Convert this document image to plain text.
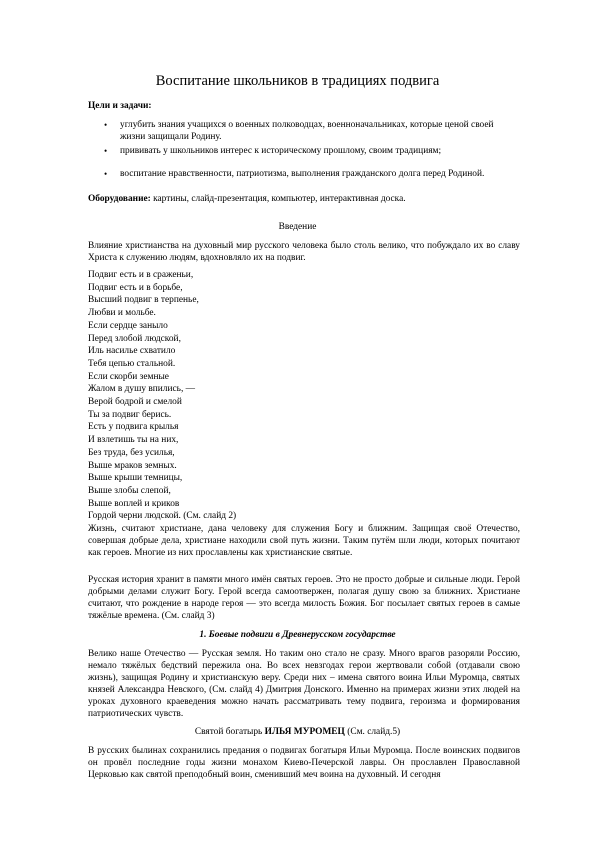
Воспитание школьников в традициях подвига
Цели и задачи:
• углубить знания учащихся о военных полководцах, военноначальниках, которые ценой своей жизни защищали Родину.
• прививать у школьников интерес к историческому прошлому, своим традициям;
• воспитание нравственности, патриотизма, выполнения гражданского долга перед Родиной.
Оборудование: картины, слайд-презентация, компьютер, интерактивная доска.
Введение
Влияние христианства на духовный мир русского человека было столь велико, что побуждало их во славу Христа к служению людям, вдохновляло их на подвиг.
Подвиг есть и в сраженьи,
Подвиг есть и в борьбе,
Высший подвиг в терпенье,
Любви и мольбе.
Если сердце заныло
Перед злобой людской,
Иль насилье схватило
Тебя цепью стальной.
Если скорби земные
Жалом в душу впились, —
Верой бодрой и смелой
Ты за подвиг берись.
Есть у подвига крылья
И взлетишь ты на них,
Без труда, без усилья,
Выше мраков земных.
Выше крыши темницы,
Выше злобы слепой,
Выше воплей и криков
Гордой черни людской. (См. слайд 2)
Жизнь, считают христиане, дана человеку для служения Богу и ближним. Защищая своё Отечество, совершая добрые дела, христиане находили свой путь жизни. Таким путём шли люди, которых почитают как героев. Многие из них прославлены как христианские святые.
Русская история хранит в памяти много имён святых героев. Это не просто добрые и сильные люди. Герой добрыми делами служит Богу. Герой всегда самоотвержен, полагая душу свою за ближних. Христиане считают, что рождение в народе героя — это всегда милость Божия. Бог посылает святых героев в самые тяжёлые времена. (См. слайд 3)
1. Боевые подвиги в Древнерусском государстве
Велико наше Отечество — Русская земля. Но таким оно стало не сразу. Много врагов разоряли Россию, немало тяжёлых бедствий пережила она. Во всех невзгодах герои жертвовали собой (отдавали свою жизнь), защищая Родину и христианскую веру. Среди них – имена святого воина Ильи Муромца, святых князей Александра Невского, (См. слайд 4) Дмитрия Донского. Именно на примерах жизни этих людей на уроках духовного краеведения можно начать рассматривать тему подвига, героизма и формирования патриотических чувств.
Святой богатырь ИЛЬЯ МУРОМЕЦ (См. слайд.5)
В русских былинах сохранились предания о подвигах богатыря Ильи Муромца. После воинских подвигов он провёл последние годы жизни монахом Киево-Печерской лавры. Он прославлен Православной Церковью как святой преподобный воин, сменивший меч воина на духовный. И сегодня
